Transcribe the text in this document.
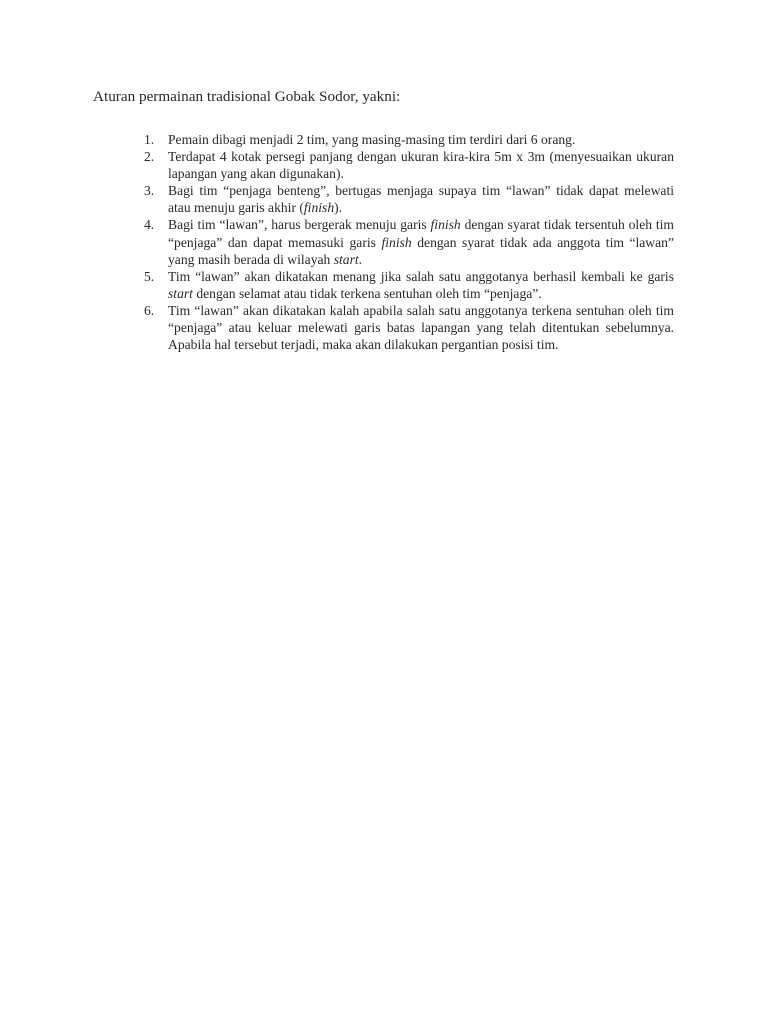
Aturan permainan tradisional Gobak Sodor, yakni:

1.	Pemain dibagi menjadi 2 tim, yang masing-masing tim terdiri dari 6 orang.
2.	Terdapat 4 kotak persegi panjang dengan ukuran kira-kira 5m x 3m (menyesuaikan ukuran lapangan yang akan digunakan).
3.	Bagi tim “penjaga benteng”, bertugas menjaga supaya tim “lawan” tidak dapat melewati atau menuju garis akhir (finish).
4.	Bagi tim “lawan”, harus bergerak menuju garis finish dengan syarat tidak tersentuh oleh tim “penjaga” dan dapat memasuki garis finish dengan syarat tidak ada anggota tim “lawan” yang masih berada di wilayah start.
5.	Tim “lawan” akan dikatakan menang jika salah satu anggotanya berhasil kembali ke garis start dengan selamat atau tidak terkena sentuhan oleh tim “penjaga”.
6.	Tim “lawan” akan dikatakan kalah apabila salah satu anggotanya terkena sentuhan oleh tim “penjaga” atau keluar melewati garis batas lapangan yang telah ditentukan sebelumnya. Apabila hal tersebut terjadi, maka akan dilakukan pergantian posisi tim.
